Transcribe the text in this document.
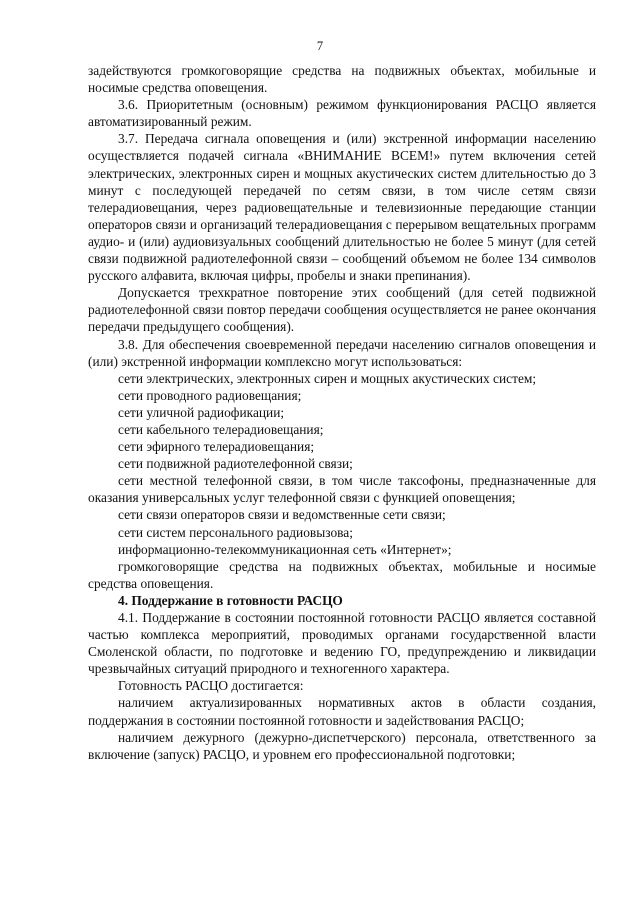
7

задействуются громкоговорящие средства на подвижных объектах, мобильные и носимые средства оповещения.

3.6. Приоритетным (основным) режимом функционирования РАСЦО является автоматизированный режим.

3.7. Передача сигнала оповещения и (или) экстренной информации населению осуществляется подачей сигнала «ВНИМАНИЕ ВСЕМ!» путем включения сетей электрических, электронных сирен и мощных акустических систем длительностью до 3 минут с последующей передачей по сетям связи, в том числе сетям связи телерадиовещания, через радиовещательные и телевизионные передающие станции операторов связи и организаций телерадиовещания с перерывом вещательных программ аудио- и (или) аудиовизуальных сообщений длительностью не более 5 минут (для сетей связи подвижной радиотелефонной связи – сообщений объемом не более 134 символов русского алфавита, включая цифры, пробелы и знаки препинания).

Допускается трехкратное повторение этих сообщений (для сетей подвижной радиотелефонной связи повтор передачи сообщения осуществляется не ранее окончания передачи предыдущего сообщения).

3.8. Для обеспечения своевременной передачи населению сигналов оповещения и (или) экстренной информации комплексно могут использоваться:

сети электрических, электронных сирен и мощных акустических систем;

сети проводного радиовещания;

сети уличной радиофикации;

сети кабельного телерадиовещания;

сети эфирного телерадиовещания;

сети подвижной радиотелефонной связи;

сети местной телефонной связи, в том числе таксофоны, предназначенные для оказания универсальных услуг телефонной связи с функцией оповещения;

сети связи операторов связи и ведомственные сети связи;

сети систем персонального радиовызова;

информационно-телекоммуникационная сеть «Интернет»;

громкоговорящие средства на подвижных объектах, мобильные и носимые средства оповещения.

4. Поддержание в готовности РАСЦО

4.1. Поддержание в состоянии постоянной готовности РАСЦО является составной частью комплекса мероприятий, проводимых органами государственной власти Смоленской области, по подготовке и ведению ГО, предупреждению и ликвидации чрезвычайных ситуаций природного и техногенного характера.

Готовность РАСЦО достигается:

наличием актуализированных нормативных актов в области создания, поддержания в состоянии постоянной готовности и задействования РАСЦО;

наличием дежурного (дежурно-диспетчерского) персонала, ответственного за включение (запуск) РАСЦО, и уровнем его профессиональной подготовки;
